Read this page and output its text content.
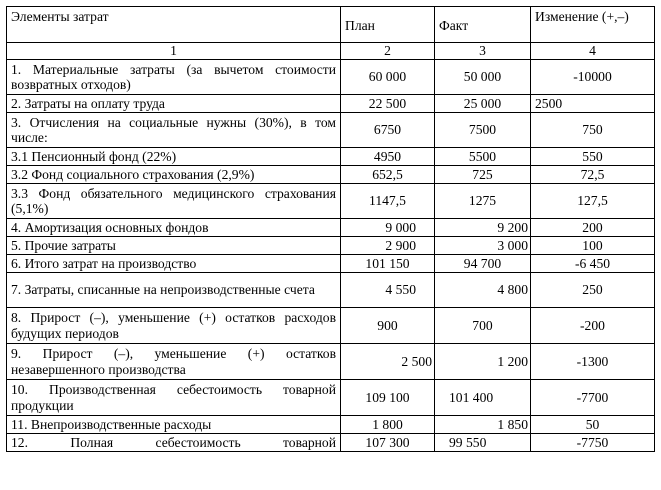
Элементы затрат	План	Факт	Изменение (+,–)
1	2	3	4
1. Материальные затраты (за вычетом стоимости возвратных отходов)	60 000	50 000	-10000
2. Затраты на оплату труда	22 500	25 000	2500
3. Отчисления на социальные нужны (30%), в том числе:	6750	7500	750
3.1 Пенсионный фонд (22%)	4950	5500	550
3.2 Фонд социального страхования (2,9%)	652,5	725	72,5
3.3 Фонд обязательного медицинского страхования (5,1%)	1147,5	1275	127,5
4. Амортизация основных фондов	9 000	9 200	200
5. Прочие затраты	2 900	3 000	100
6. Итого затрат на производство	101 150	94 700	-6 450
7. Затраты, списанные на непроизводственные счета	4 550	4 800	250
8. Прирост (–), уменьшение (+) остатков расходов будущих периодов	900	700	-200
9. Прирост (–), уменьшение (+) остатков незавершенного производства	2 500	1 200	-1300
10. Производственная себестоимость товарной продукции	109 100	101 400	-7700
11. Внепроизводственные расходы	1 800	1 850	50
12. Полная себестоимость товарной	107 300	99 550	-7750
